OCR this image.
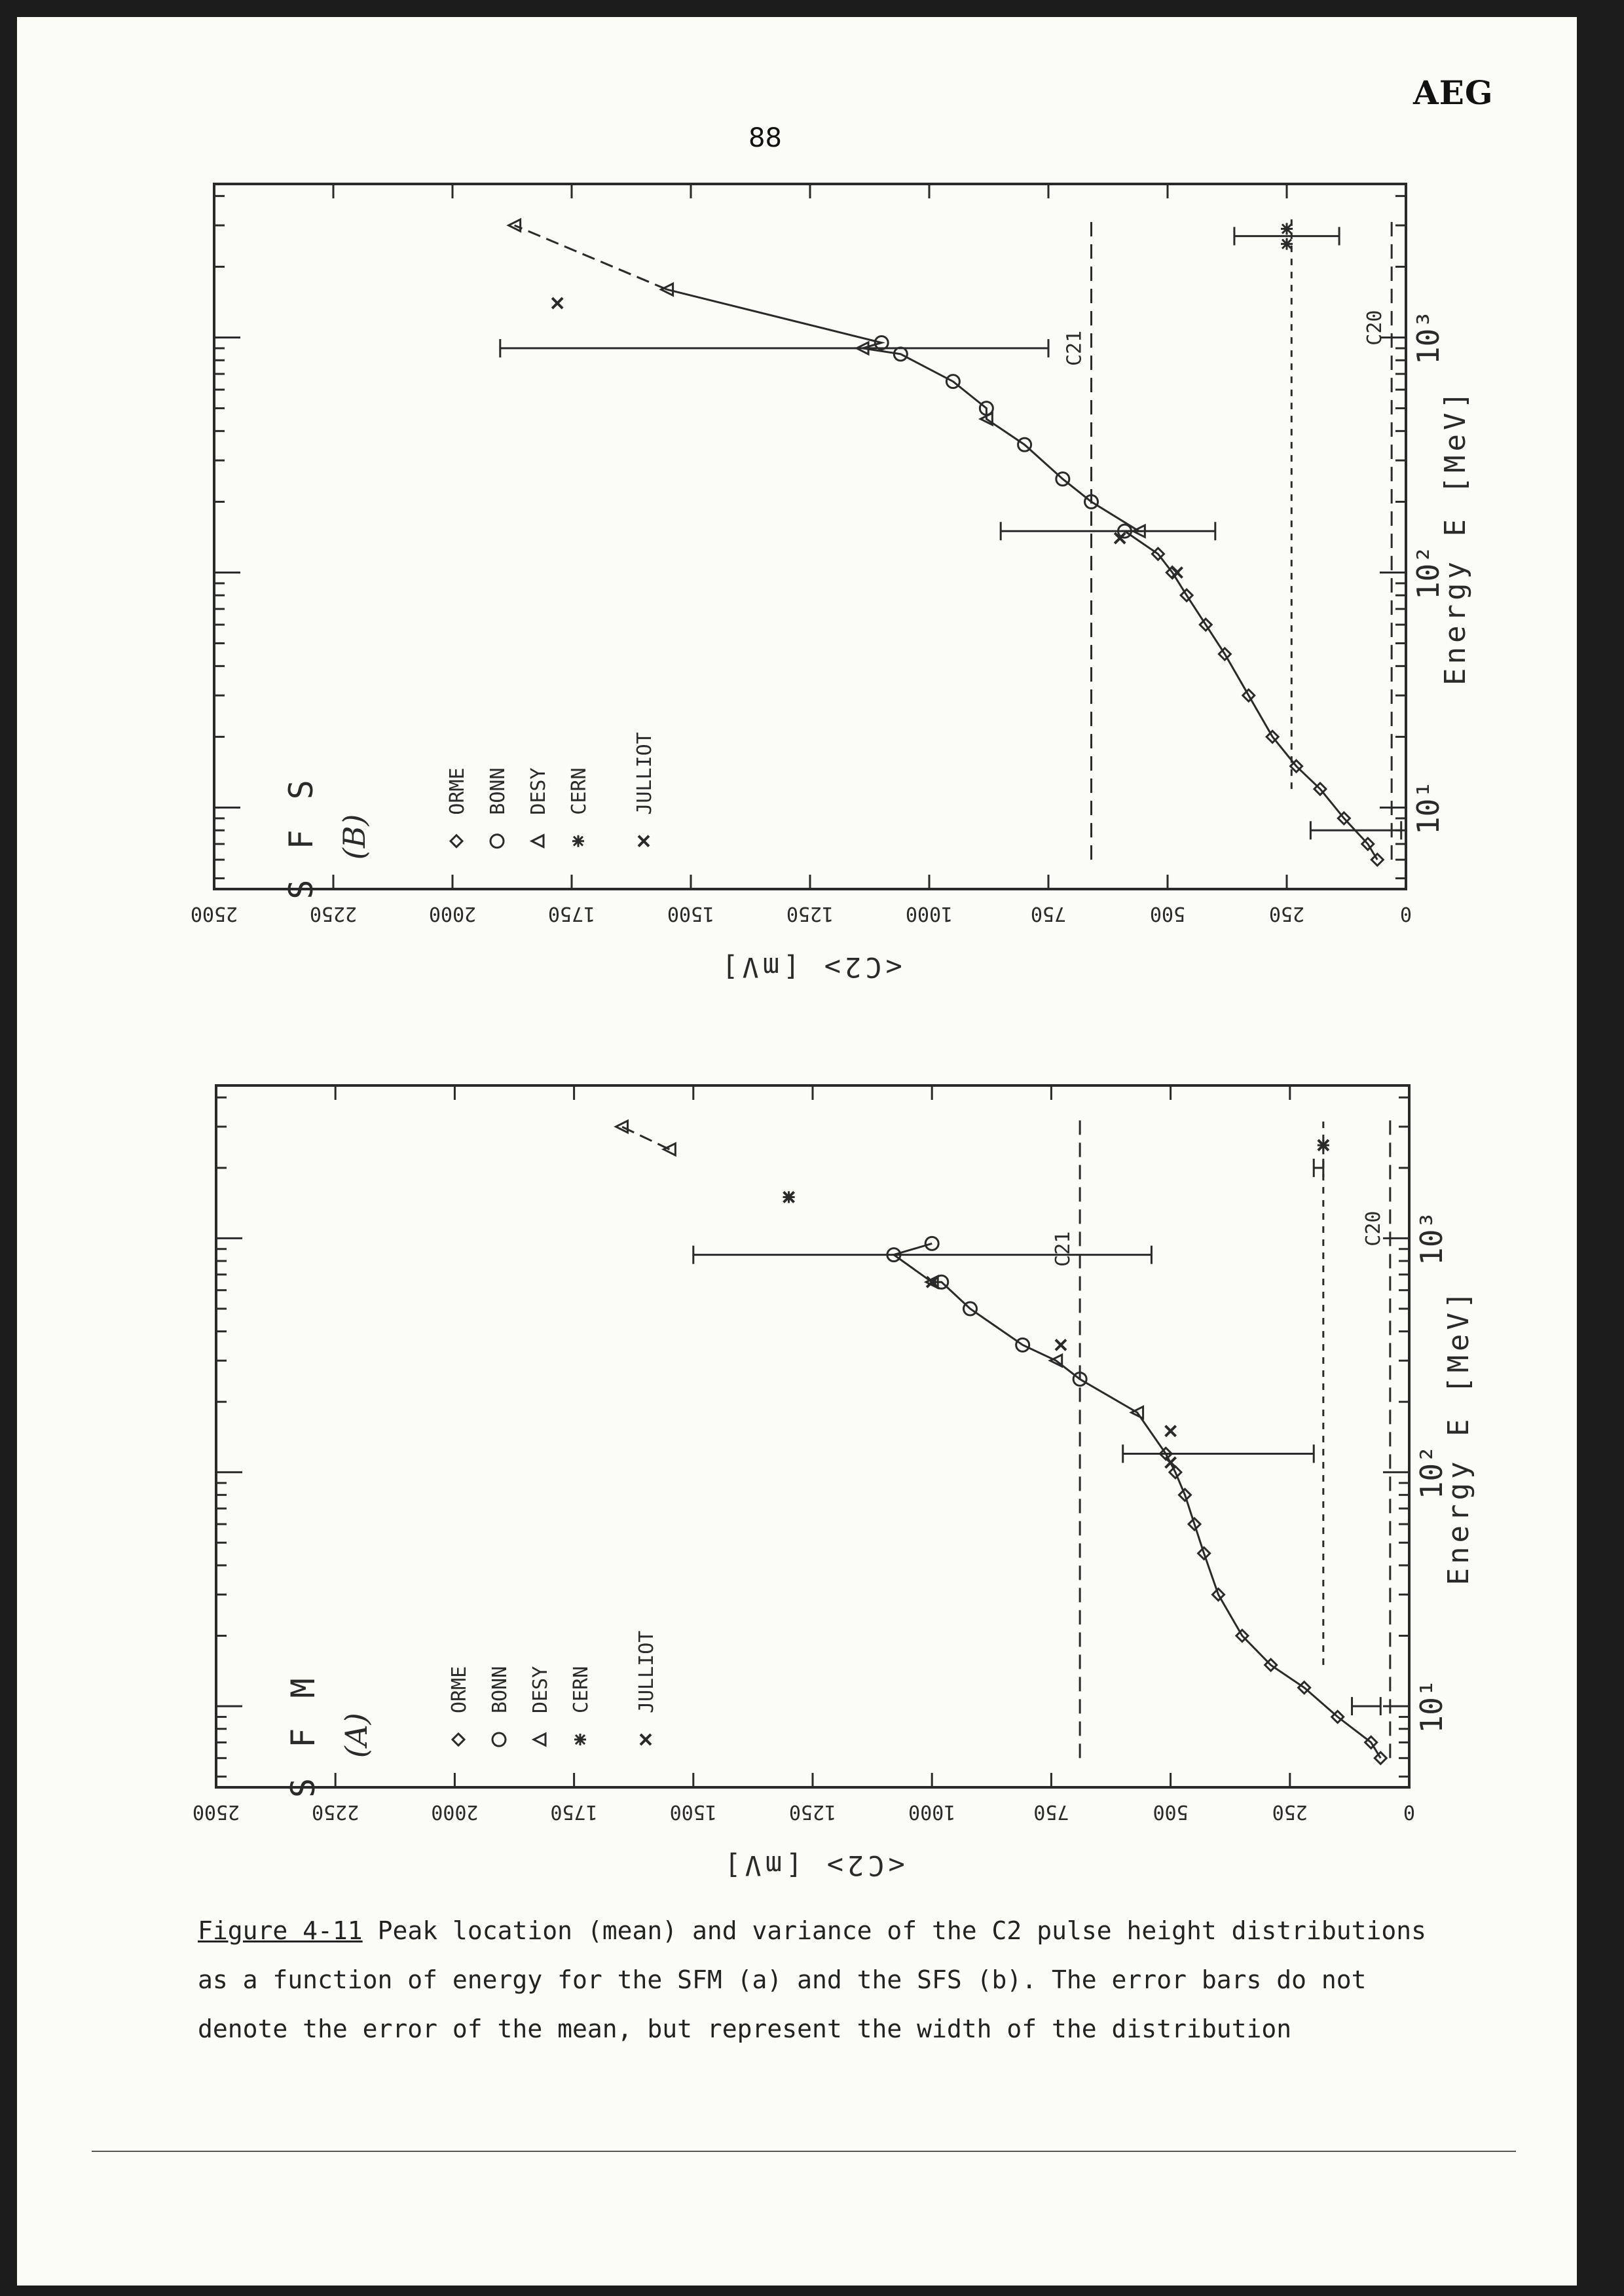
AEG
88
0
250
500
750
1000
1250
1500
1750
2000
2250
2500
10¹
10²
10³
Energy E [MeV]
<C2> [mV]
C21
C20
S F M (A)
ORME BONN DESY CERN JULLIOT
0
250
500
750
1000
1250
1500
1750
2000
2250
2500
10¹
10²
10³
Energy E [MeV]
<C2> [mV]
C21
C20
S F S (B)
ORME BONN DESY CERN JULLIOT
Figure 4-11 Peak location (mean) and variance of the C2 pulse height distributions as a function of energy for the SFM (a) and the SFS (b). The error bars do not denote the error of the mean, but represent the width of the distribution
